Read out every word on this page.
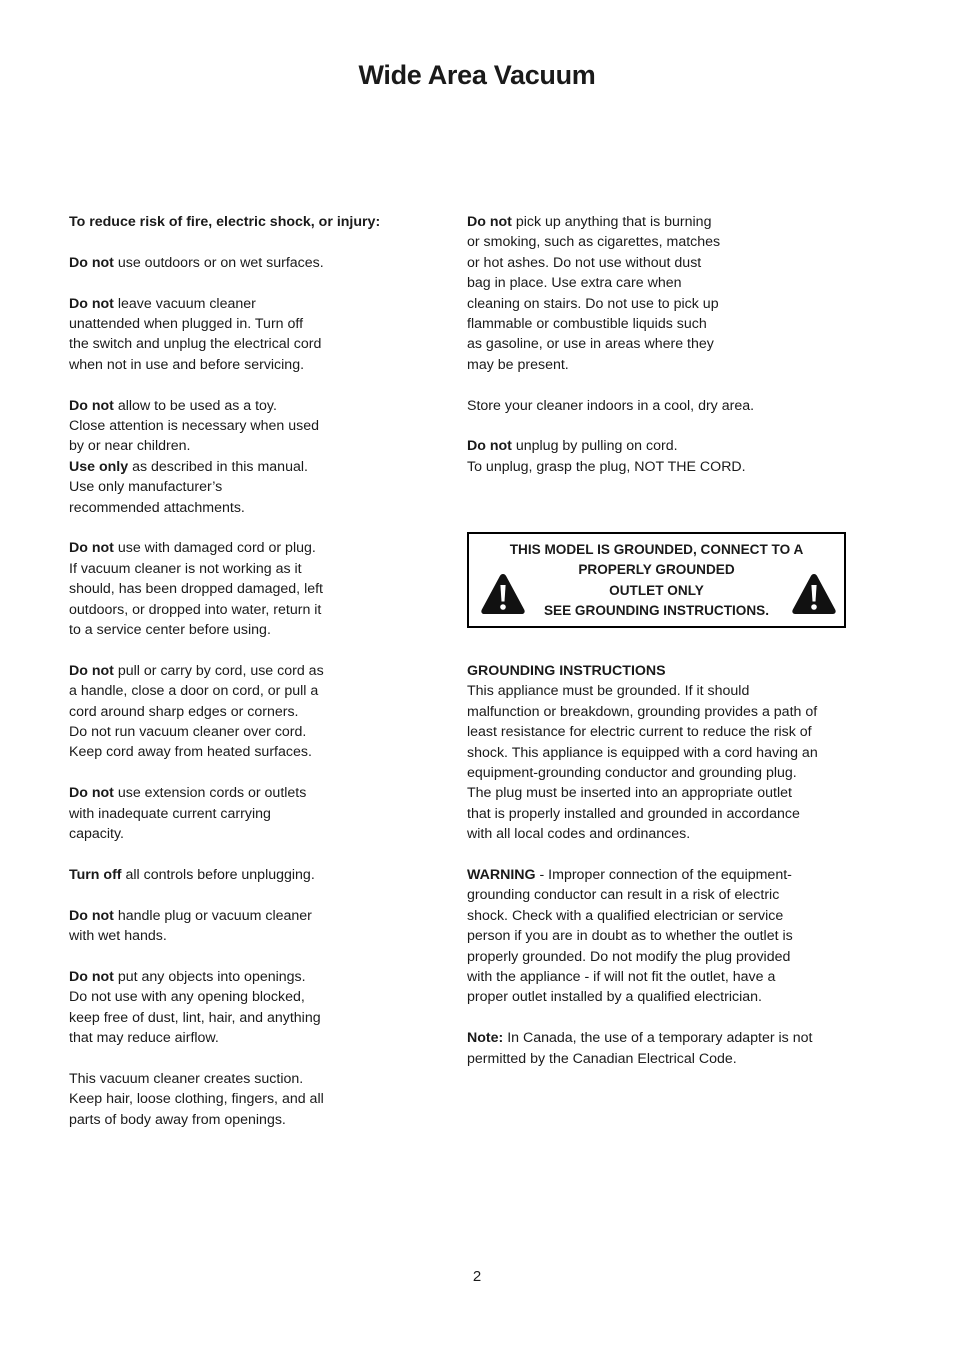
Wide Area Vacuum

To reduce risk of fire, electric shock, or injury:

Do not use outdoors or on wet surfaces.

Do not leave vacuum cleaner
unattended when plugged in. Turn off
the switch and unplug the electrical cord
when not in use and before servicing.

Do not allow to be used as a toy.
Close attention is necessary when used
by or near children.
Use only as described in this manual.
Use only manufacturer’s
recommended attachments.

Do not use with damaged cord or plug.
If vacuum cleaner is not working as it
should, has been dropped damaged, left
outdoors, or dropped into water, return it
to a service center before using.

Do not pull or carry by cord, use cord as
a handle, close a door on cord, or pull a
cord around sharp edges or corners.
Do not run vacuum cleaner over cord.
Keep cord away from heated surfaces.

Do not use extension cords or outlets
with inadequate current carrying
capacity.

Turn off all controls before unplugging.

Do not handle plug or vacuum cleaner
with wet hands.

Do not put any objects into openings.
Do not use with any opening blocked,
keep free of dust, lint, hair, and anything
that may reduce airflow.

This vacuum cleaner creates suction.
Keep hair, loose clothing, fingers, and all
parts of body away from openings.

Do not pick up anything that is burning
or smoking, such as cigarettes, matches
or hot ashes. Do not use without dust
bag in place. Use extra care when
cleaning on stairs. Do not use to pick up
flammable or combustible liquids such
as gasoline, or use in areas where they
may be present.

Store your cleaner indoors in a cool, dry area.

Do not unplug by pulling on cord.
To unplug, grasp the plug, NOT THE CORD.

THIS MODEL IS GROUNDED, CONNECT TO A
PROPERLY GROUNDED
OUTLET ONLY
SEE GROUNDING INSTRUCTIONS.

GROUNDING INSTRUCTIONS
This appliance must be grounded. If it should
malfunction or breakdown, grounding provides a path of
least resistance for electric current to reduce the risk of
shock. This appliance is equipped with a cord having an
equipment-grounding conductor and grounding plug.
The plug must be inserted into an appropriate outlet
that is properly installed and grounded in accordance
with all local codes and ordinances.

WARNING - Improper connection of the equipment-
grounding conductor can result in a risk of electric
shock. Check with a qualified electrician or service
person if you are in doubt as to whether the outlet is
properly grounded. Do not modify the plug provided
with the appliance - if will not fit the outlet, have a
proper outlet installed by a qualified electrician.

Note: In Canada, the use of a temporary adapter is not
permitted by the Canadian Electrical Code.

2
